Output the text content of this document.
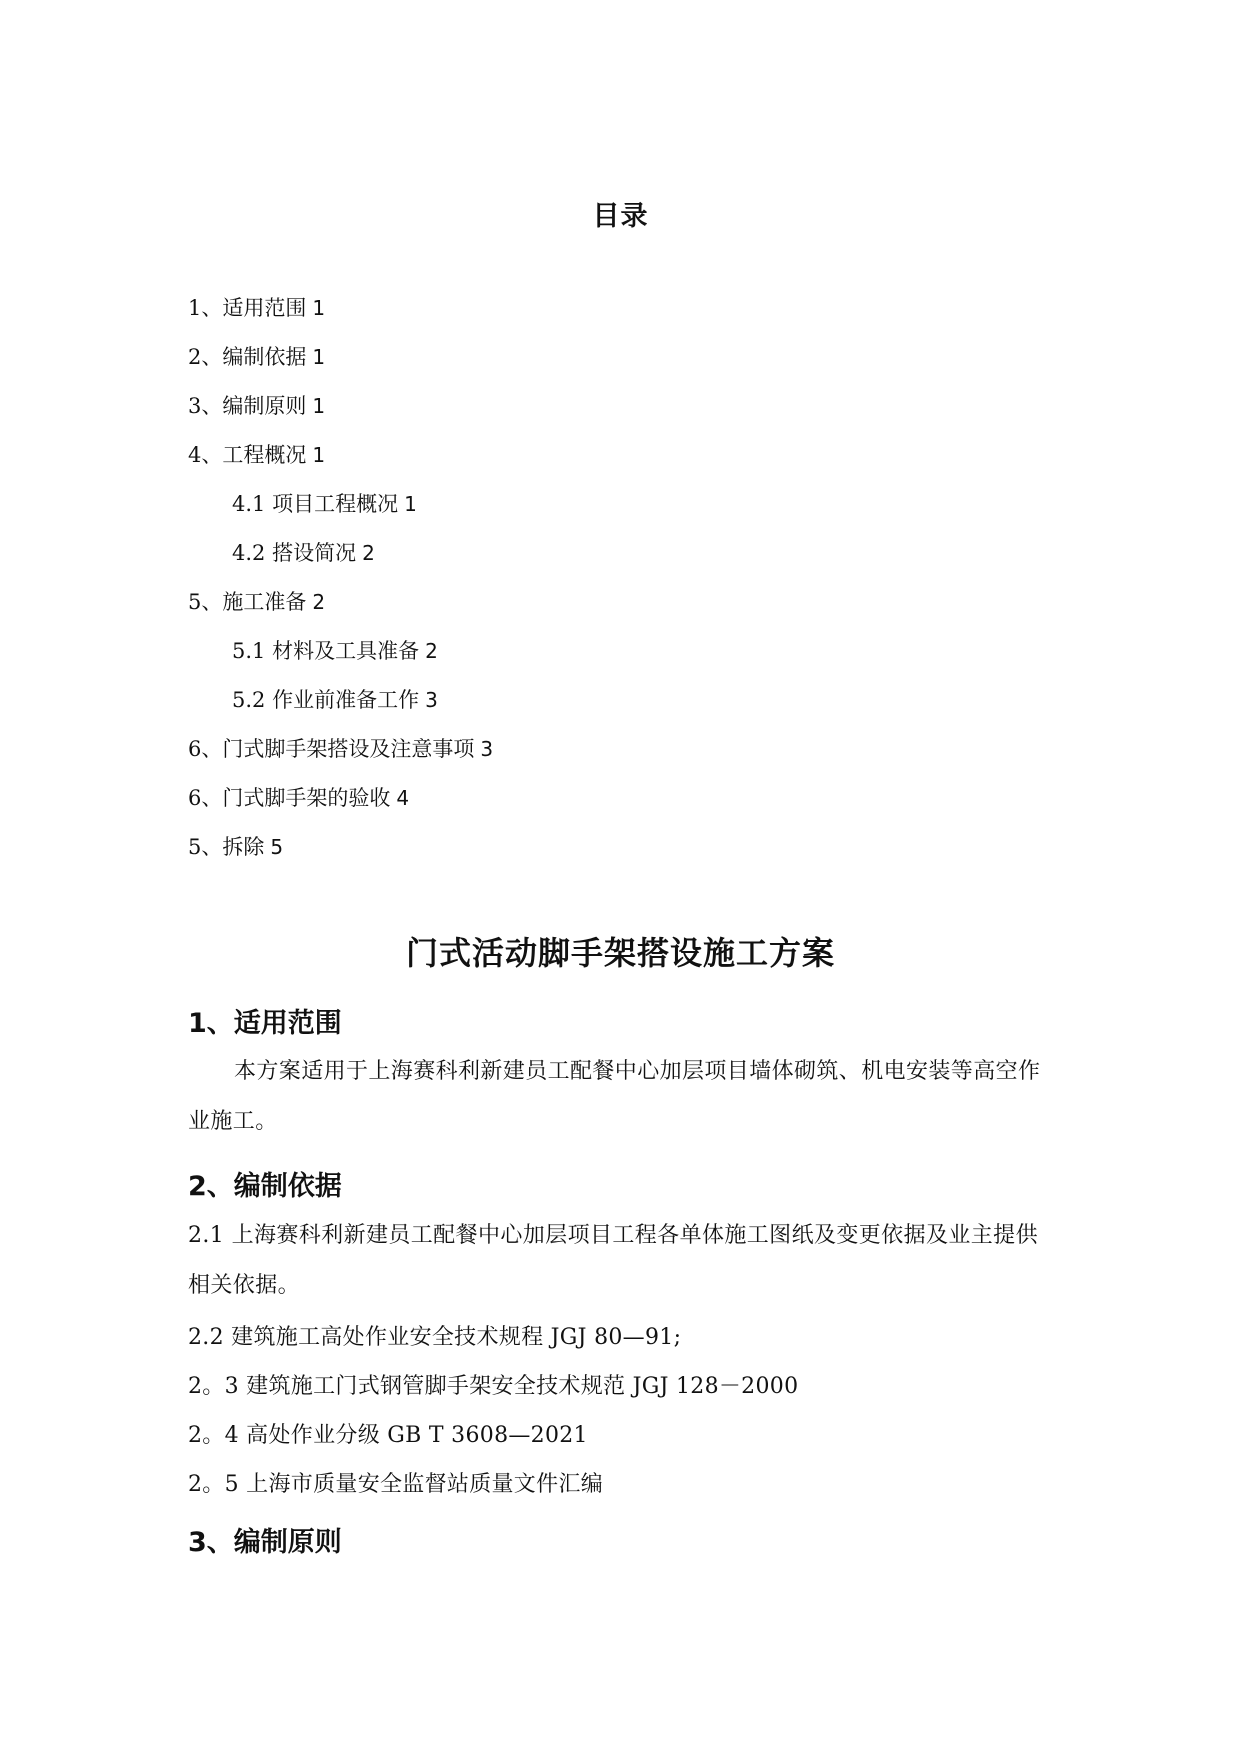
目录
1、适用范围 1
2、编制依据 1
3、编制原则 1
4、工程概况 1
4.1 项目工程概况 1
4.2 搭设简况 2
5、施工准备 2
5.1 材料及工具准备 2
5.2 作业前准备工作 3
6、门式脚手架搭设及注意事项 3
6、门式脚手架的验收 4
5、拆除 5
门式活动脚手架搭设施工方案
1、适用范围
本方案适用于上海赛科利新建员工配餐中心加层项目墙体砌筑、机电安装等高空作业施工。
2、编制依据
2.1 上海赛科利新建员工配餐中心加层项目工程各单体施工图纸及变更依据及业主提供相关依据。
2.2 建筑施工高处作业安全技术规程 JGJ 80—91;
2。3 建筑施工门式钢管脚手架安全技术规范 JGJ 128－2000
2。4 高处作业分级 GB T 3608—2021
2。5 上海市质量安全监督站质量文件汇编
3、编制原则
